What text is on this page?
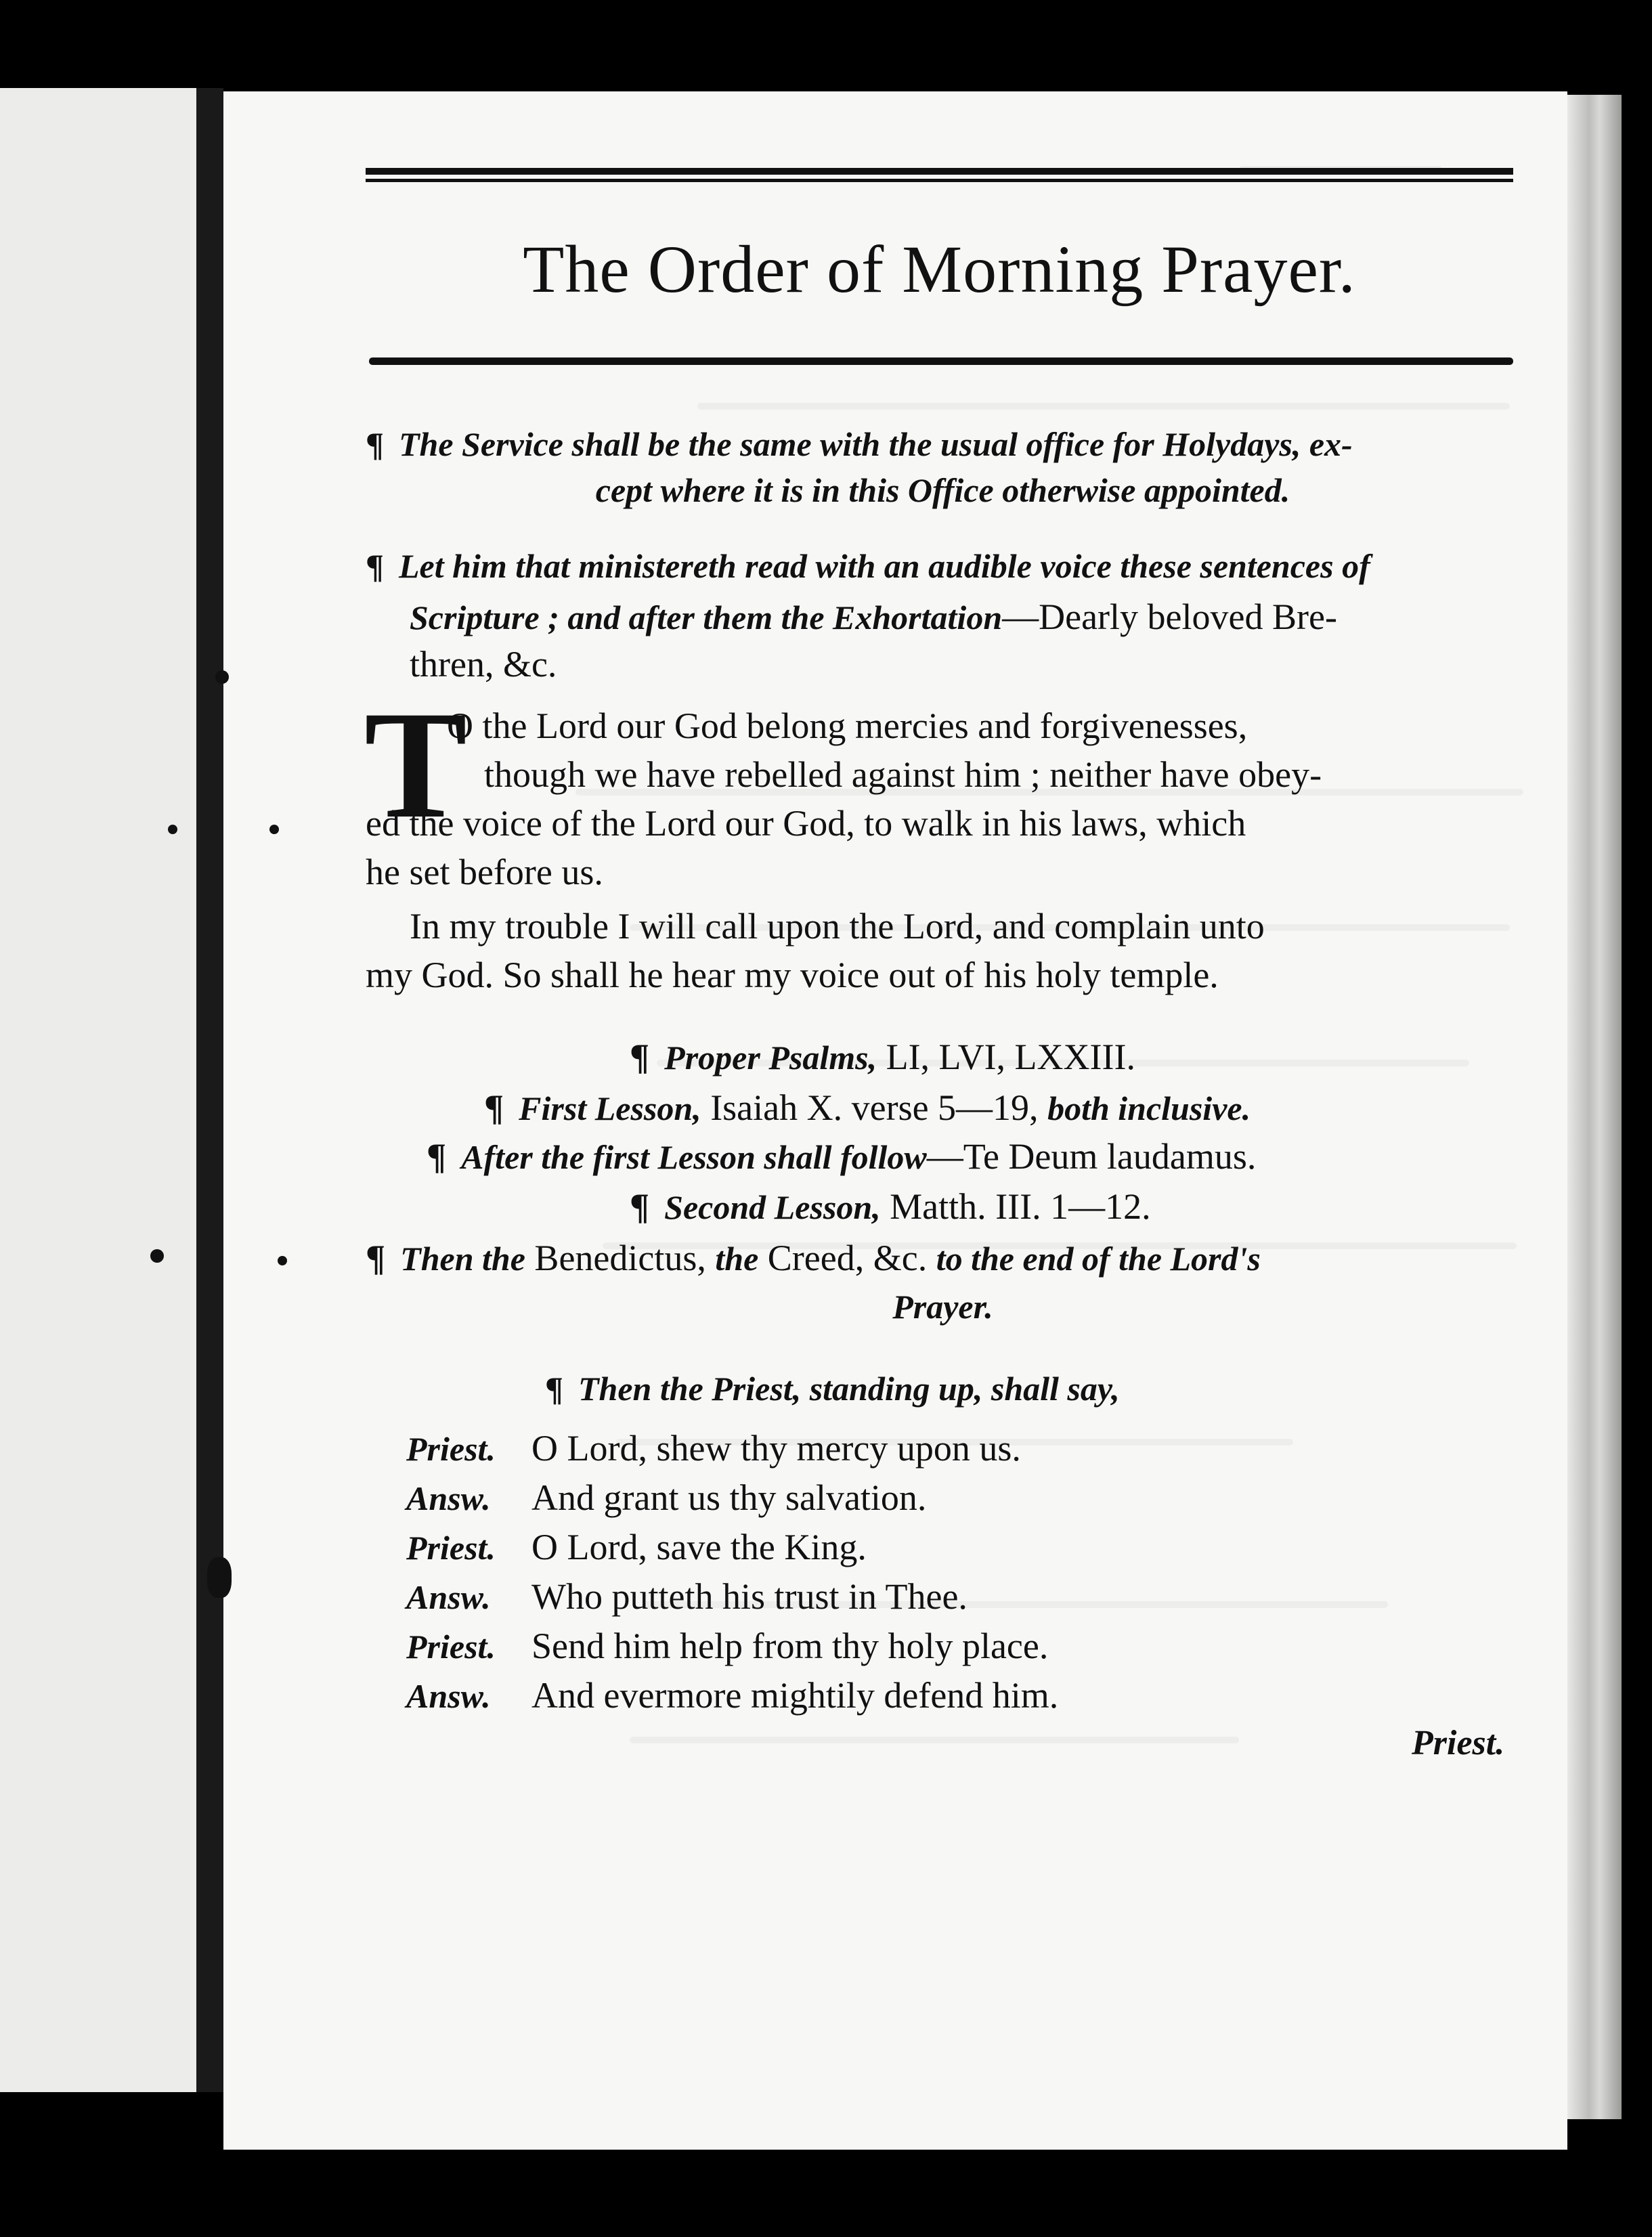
The Order of Morning Prayer.

¶ The Service shall be the same with the usual office for Holydays, ex-

cept where it is in this Office otherwise appointed.

¶ Let him that ministereth read with an audible voice these sentences of

Scripture ; and after them the Exhortation—Dearly beloved Bre-

thren, &c.

T

O the Lord our God belong mercies and forgivenesses,

though we have rebelled against him ; neither have obey-

ed the voice of the Lord our God, to walk in his laws, which

he set before us.

In my trouble I will call upon the Lord, and complain unto

my God. So shall he hear my voice out of his holy temple.

¶ Proper Psalms, LI, LVI, LXXIII.

¶ First Lesson, Isaiah X. verse 5—19, both inclusive.

¶ After the first Lesson shall follow—Te Deum laudamus.

¶ Second Lesson, Matth. III. 1—12.

¶ Then the Benedictus, the Creed, &c. to the end of the Lord's

Prayer.

¶ Then the Priest, standing up, shall say,

Priest. O Lord, shew thy mercy upon us.
Answ. And grant us thy salvation.
Priest. O Lord, save the King.
Answ. Who putteth his trust in Thee.
Priest. Send him help from thy holy place.
Answ. And evermore mightily defend him.
Priest.
